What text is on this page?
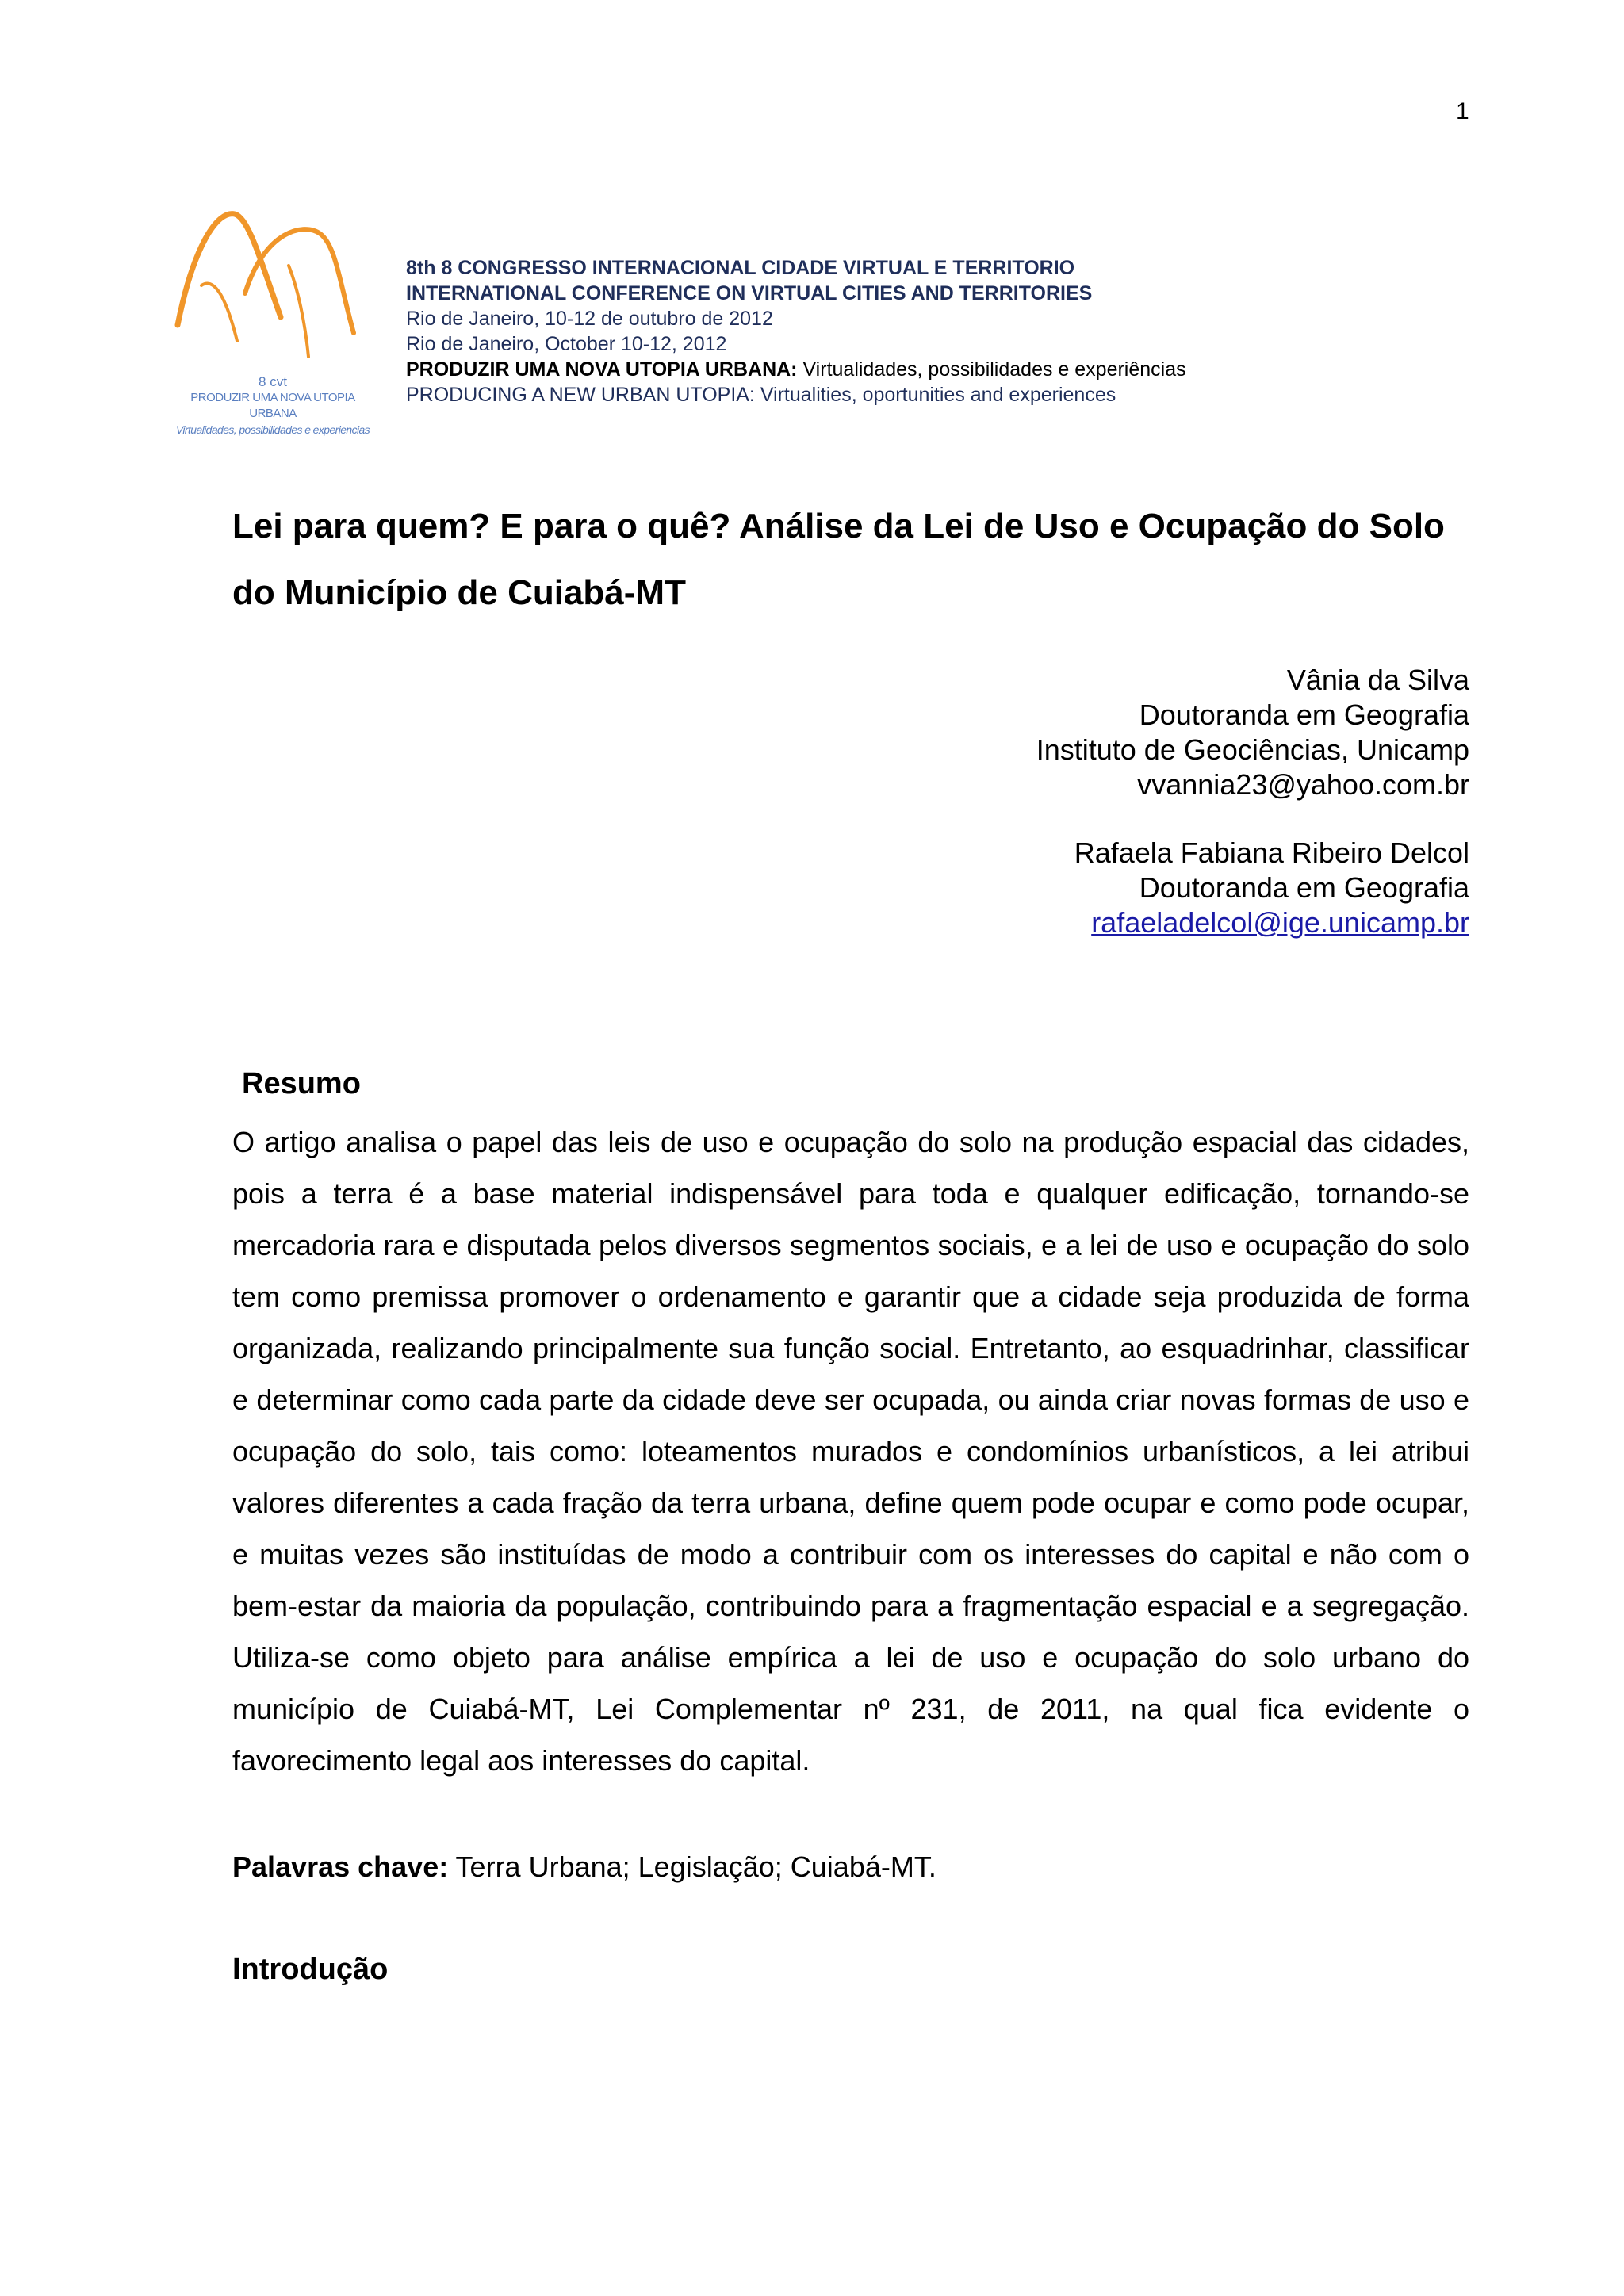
1
8 cvt
PRODUZIR UMA NOVA UTOPIA URBANA
Virtualidades, possibilidades e experiencias
8th 8 CONGRESSO INTERNACIONAL CIDADE VIRTUAL E TERRITORIO
INTERNATIONAL CONFERENCE ON VIRTUAL CITIES AND TERRITORIES
Rio de Janeiro, 10-12 de outubro de 2012
Rio de Janeiro, October 10-12, 2012
PRODUZIR UMA NOVA UTOPIA URBANA: Virtualidades, possibilidades e experiências
PRODUCING A NEW URBAN UTOPIA: Virtualities, oportunities and experiences
Lei para quem? E para o quê? Análise da Lei de Uso e Ocupação do Solo do Município de Cuiabá-MT
Vânia da Silva
Doutoranda em Geografia
Instituto de Geociências, Unicamp
vvannia23@yahoo.com.br
Rafaela Fabiana Ribeiro Delcol
Doutoranda em Geografia
rafaeladelcol@ige.unicamp.br
Resumo

O artigo analisa o papel das leis de uso e ocupação do solo na produção espacial das cidades, pois a terra é a base material indispensável para toda e qualquer edificação, tornando-se mercadoria rara e disputada pelos diversos segmentos sociais, e a lei de uso e ocupação do solo tem como premissa promover o ordenamento e garantir que a cidade seja produzida de forma organizada, realizando principalmente sua função social. Entretanto, ao esquadrinhar, classificar e determinar como cada parte da cidade deve ser ocupada, ou ainda criar novas formas de uso e ocupação do solo, tais como: loteamentos murados e condomínios urbanísticos, a lei atribui valores diferentes a cada fração da terra urbana, define quem pode ocupar e como pode ocupar, e muitas vezes são instituídas de modo a contribuir com os interesses do capital e não com o bem-estar da maioria da população, contribuindo para a fragmentação espacial e a segregação. Utiliza-se como objeto para análise empírica a lei de uso e ocupação do solo urbano do município de Cuiabá-MT, Lei Complementar nº 231, de 2011, na qual fica evidente o favorecimento legal aos interesses do capital.

Palavras chave: Terra Urbana; Legislação; Cuiabá-MT.
Introdução
